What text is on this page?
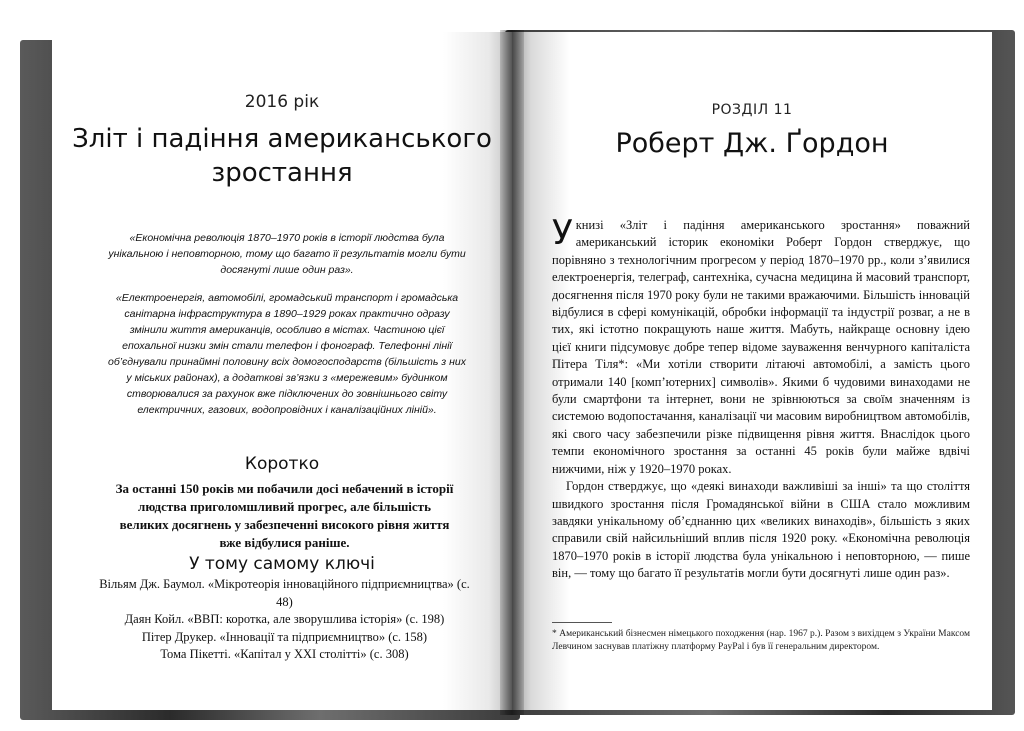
2016 рік
Зліт і падіння американського зростання
«Економічна революція 1870–1970 років в історії людства була унікальною і неповторною, тому що багато її результатів могли бути досягнуті лише один раз».
«Електроенергія, автомобілі, громадський транспорт і громадська санітарна інфраструктура в 1890–1929 роках практично одразу змінили життя американців, особливо в містах. Частиною цієї епохальної низки змін стали телефон і фонограф. Телефонні лінії об’єднували принаймні половину всіх домогосподарств (більшість з них у міських районах), а додаткові зв’язки з «мережевим» будинком створювалися за рахунок вже підключених до зовнішнього світу електричних, газових, водопровідних і каналізаційних ліній».
Коротко
За останні 150 років ми побачили досі небачений в історії людства приголомшливий прогрес, але більшість великих досягнень у забезпеченні високого рівня життя вже відбулися раніше.
У тому самому ключі
Вільям Дж. Баумол. «Мікротеорія інноваційного підприємництва» (с. 48)
Даян Койл. «ВВП: коротка, але зворушлива історія» (с. 198)
Пітер Друкер. «Інновації та підприємництво» (с. 158)
Тома Пікетті. «Капітал у XXI столітті» (с. 308)
РОЗДІЛ 11
Роберт Дж. Ґордон

Укнизі «Зліт і падіння американського зростання» поважний американський історик економіки Роберт Гордон стверджує, що порівняно з технологічним прогресом у період 1870–1970 рр., коли з’явилися електроенергія, телеграф, сантехніка, сучасна медицина й масовий транспорт, досягнення після 1970 року були не такими вражаючими. Більшість інновацій відбулися в сфері комунікацій, обробки інформації та індустрії розваг, а не в тих, які істотно покращують наше життя. Мабуть, найкраще основну ідею цієї книги підсумовує добре тепер відоме зауваження венчурного капіталіста Пітера Тіля*: «Ми хотіли створити літаючі автомобілі, а замість цього отримали 140 [комп’ютерних] символів». Якими б чудовими винаходами не були смартфони та інтернет, вони не зрівнюються за своїм значенням із системою водопостачання, каналізації чи масовим виробництвом автомобілів, які свого часу забезпечили різке підвищення рівня життя. Внаслідок цього темпи економічного зростання за останні 45 років були майже вдвічі нижчими, ніж у 1920–1970 роках.

Гордон стверджує, що «деякі винаходи важливіші за інші» та що століття швидкого зростання після Громадянської війни в США стало можливим завдяки унікальному об’єднанню цих «великих винаходів», більшість з яких справили свій найсильніший вплив після 1920 року. «Економічна революція 1870–1970 років в історії людства була унікальною і неповторною, — пише він, — тому що багато її результатів могли бути досягнуті лише один раз».

* Американський бізнесмен німецького походження (нар. 1967 р.). Разом з вихідцем з України Максом Левчином заснував платіжну платформу PayPal і був її генеральним директором.
